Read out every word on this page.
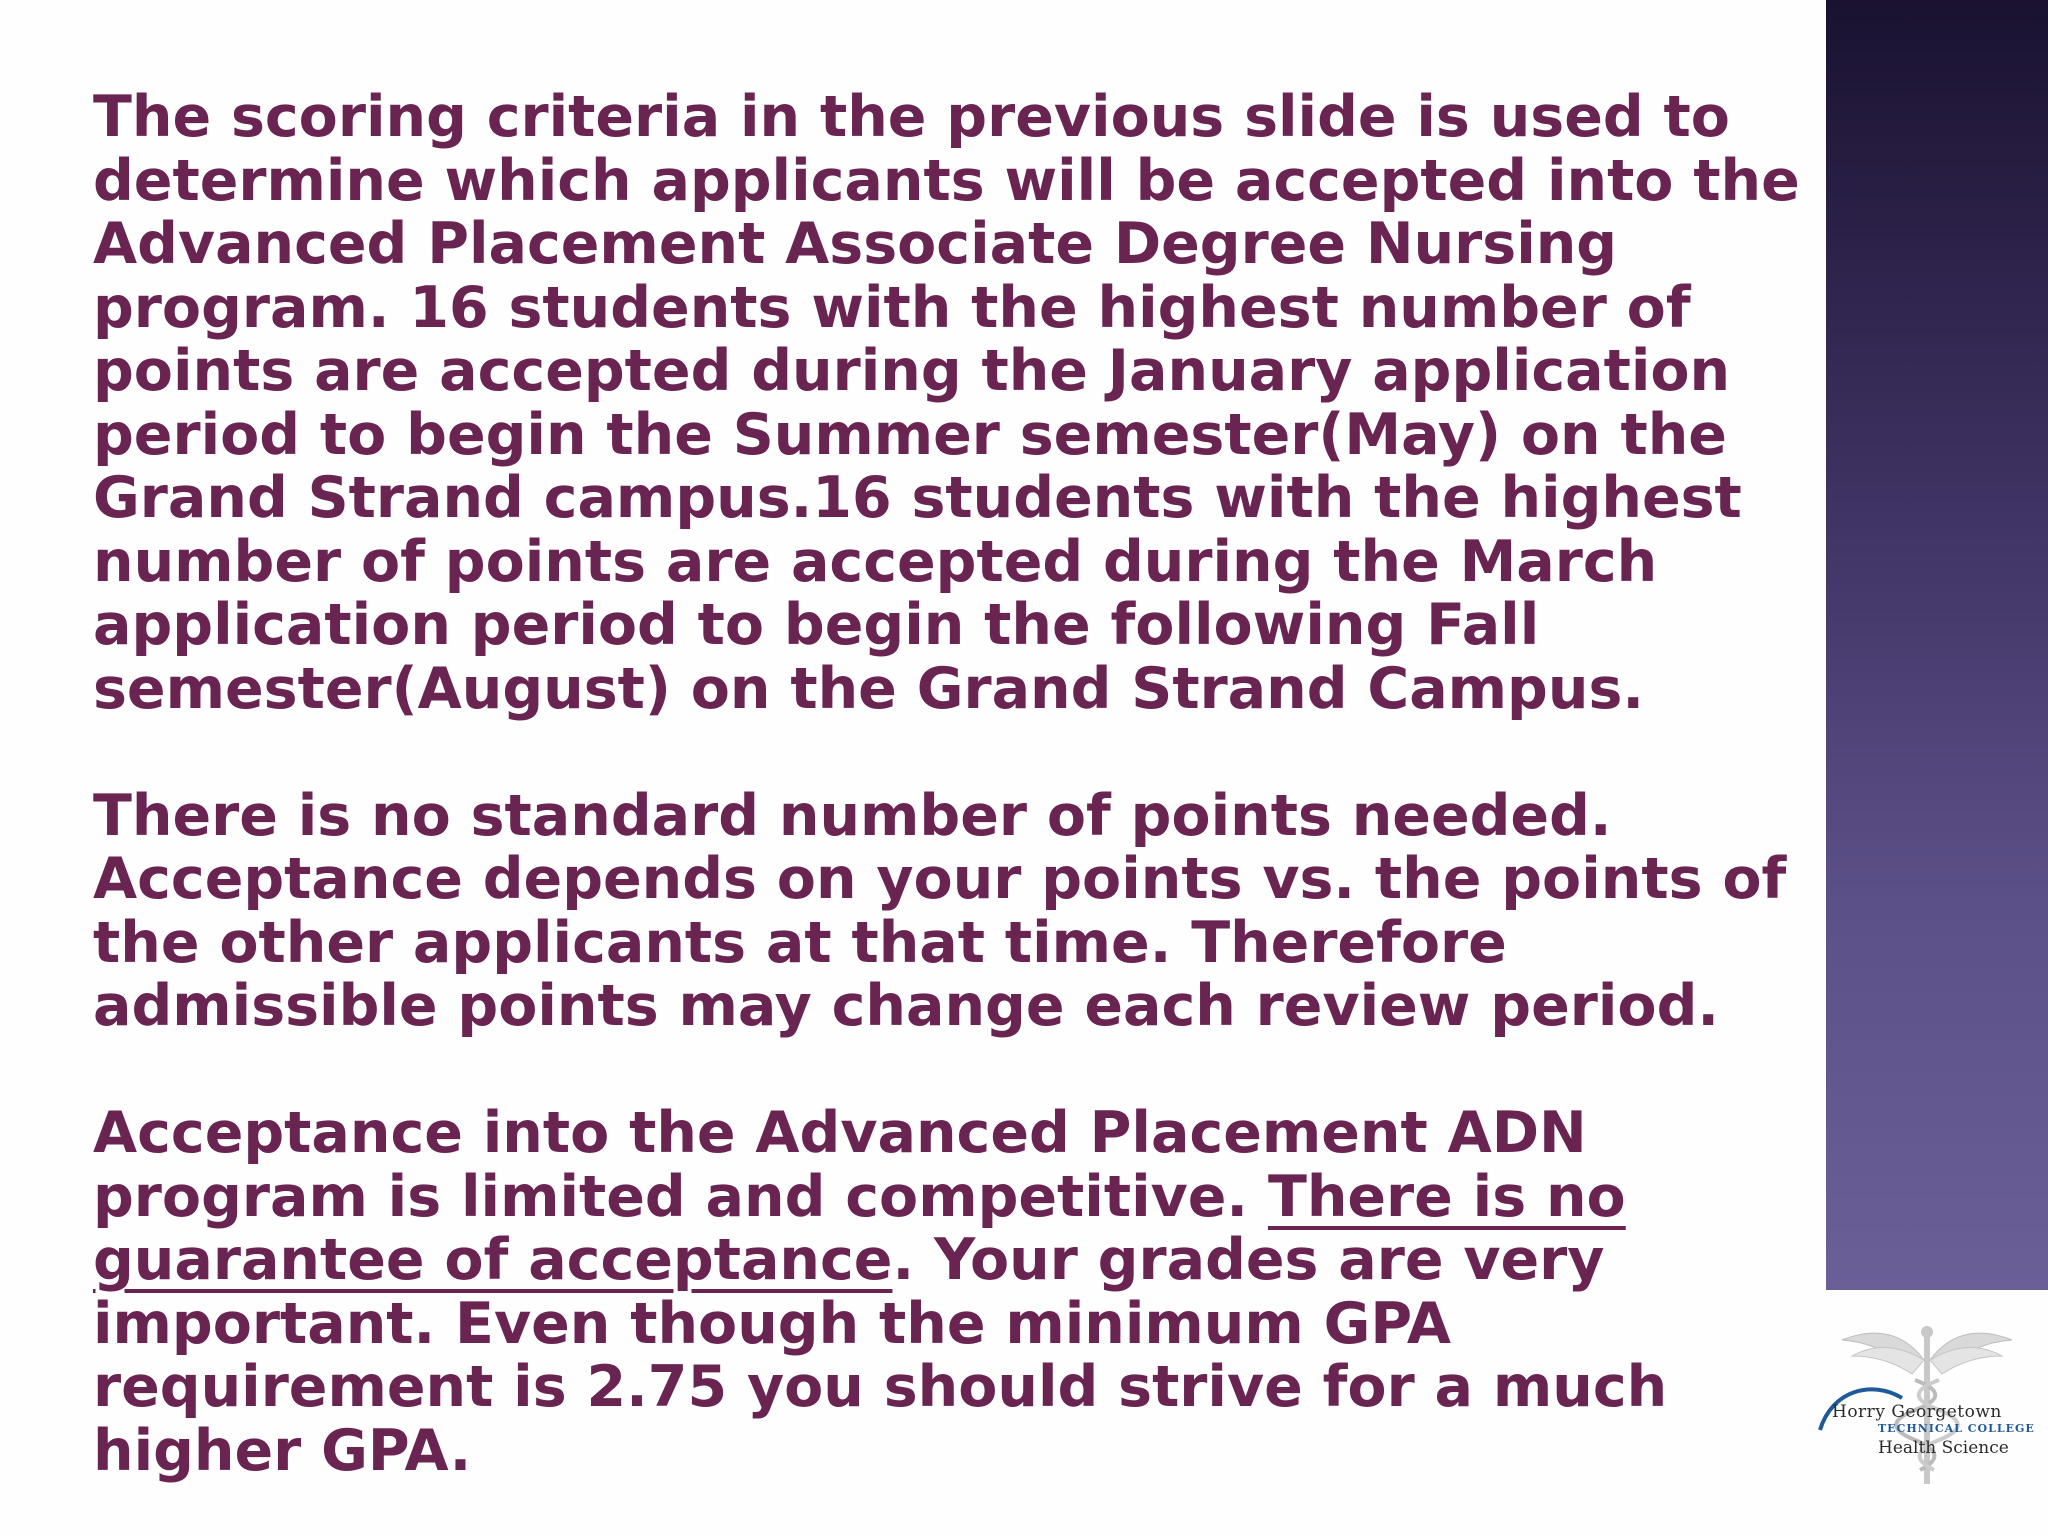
The scoring criteria in the previous slide is used to determine which applicants will be accepted into the Advanced Placement Associate Degree Nursing program. 16 students with the highest number of points are accepted during the January application period to begin the Summer semester(May) on the Grand Strand campus.16 students with the highest number of points are accepted during the March application period to begin the following Fall semester(August) on the Grand Strand Campus.

There is no standard number of points needed. Acceptance depends on your points vs. the points of the other applicants at that time. Therefore admissible points may change each review period.

Acceptance into the Advanced Placement ADN program is limited and competitive. There is no guarantee of acceptance. Your grades are very important. Even though the minimum GPA requirement is 2.75 you should strive for a much higher GPA.

Horry Georgetown
TECHNICAL COLLEGE
Health Science
